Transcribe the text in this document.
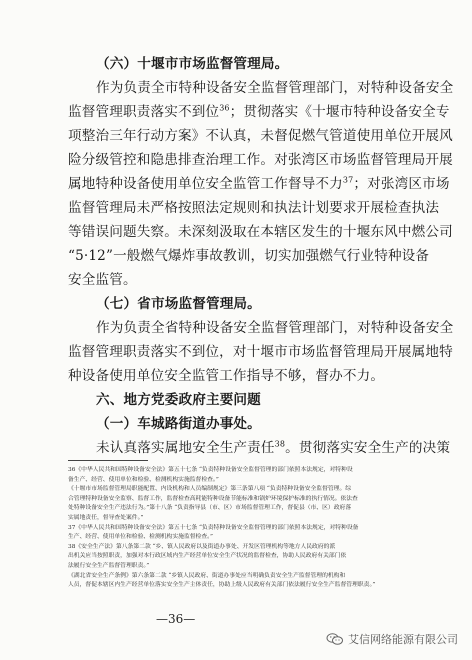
（六）十堰市市场监督管理局。
作为负责全市特种设备安全监督管理部门，对特种设备安全
监督管理职责落实不到位$^{36}$；贯彻落实《十堰市特种设备安全专
项整治三年行动方案》不认真，未督促燃气管道使用单位开展风
险分级管控和隐患排查治理工作。对张湾区市场监督管理局开展
属地特种设备使用单位安全监管工作督导不力$^{37}$；对张湾区市场
监督管理局未严格按照法定规则和执法计划要求开展检查执法
等错误问题失察。未深刻汲取在本辖区发生的十堰东风中燃公司
“5·12”一般燃气爆炸事故教训，切实加强燃气行业特种设备
安全监管。
（七）省市场监督管理局。
作为负责全省特种设备安全监督管理部门，对特种设备安全
监督管理职责落实不到位，对十堰市市场监督管理局开展属地特
种设备使用单位安全监管工作指导不够，督办不力。
六、地方党委政府主要问题
（一）车城路街道办事处。
未认真落实属地安全生产责任$^{38}$。贯彻落实安全生产的决策
36《中华人民共和国特种设备安全法》第五十七条 “负责特种设备安全监督管理的部门依照本法规定，对特种设
备生产、经营、使用单位和检验、检测机构实施监督检查。”
《十堰市市场监督管理局职能配置、内设机构和人员编制规定》第三条第八项 “负责特种设备安全监督管理。综
合管理特种设备安全监察、监督工作，监督检查高耗能特种设备节能标准和锅炉环境保护标准的执行情况。依法查
处特种设备安全生产违法行为。”第十八条 “负责指导县（市、区）市场监督管理工作，督促县（市、区）政府落
实属地责任，督导查处案件。”
37《中华人民共和国特种设备安全法》第五十七条 “负责特种设备安全监督管理的部门依照本法规定，对特种设备
生产、经营、使用单位和检验、检测机构实施监督检查。”
38《安全生产法》第八条第二款 “乡、镇人民政府以及街道办事处、开发区管理机构等地方人民政府的派
出机关应当按照职责，加强对本行政区域内生产经营单位安全生产状况的监督检查，协助人民政府有关部门依
法履行安全生产监督管理职责。”
《湖北省安全生产条例》第六条第二款 “乡镇人民政府、街道办事处应当明确负责安全生产监督管理的机构和
人员，督促本辖区内生产经营单位落实安全生产主体责任，协助上级人民政府有关部门依法履行安全生产监督管理职责。”
—36—
艾信网络能源有限公司
